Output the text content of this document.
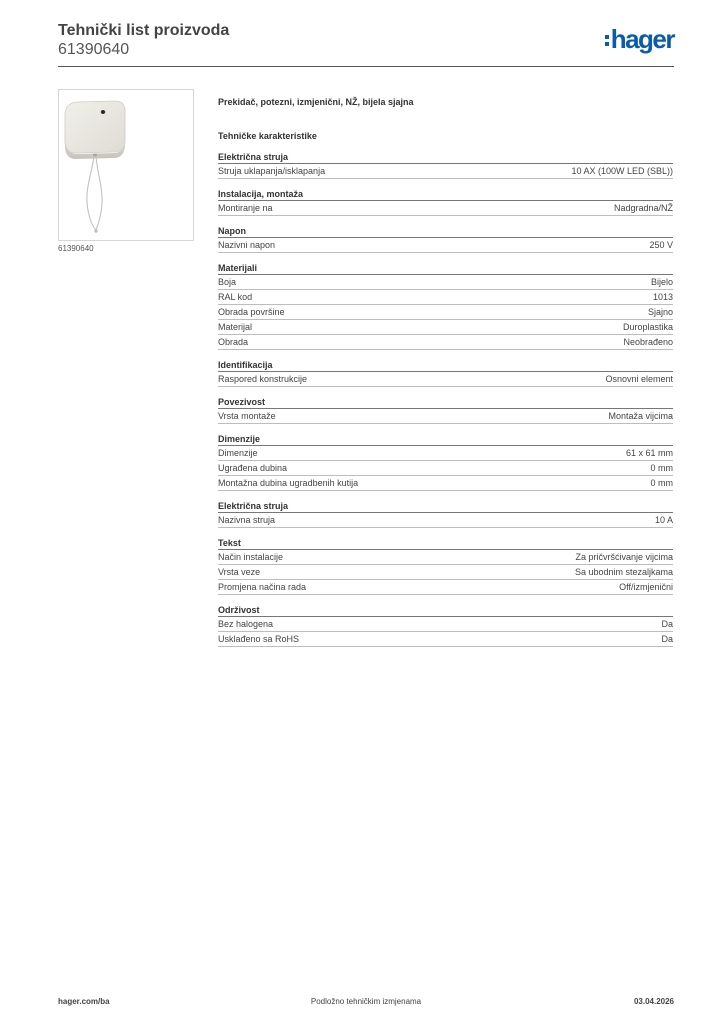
Tehnički list proizvoda
61390640	hager
61390640
Prekidač, potezni, izmjenični, NŽ, bijela sjajna
Tehničke karakteristike
Električna struja
Struja uklapanja/isklapanja	10 AX (100W LED (SBL))
Instalacija, montaža
Montiranje na	Nadgradna/NŽ
Napon
Nazivni napon	250 V
Materijali
Boja	Bijelo
RAL kod	1013
Obrada površine	Sjajno
Materijal	Duroplastika
Obrada	Neobrađeno
Identifikacija
Raspored konstrukcije	Osnovni element
Povezivost
Vrsta montaže	Montaža vijcima
Dimenzije
Dimenzije	61 x 61 mm
Ugrađena dubina	0 mm
Montažna dubina ugradbenih kutija	0 mm
Električna struja
Nazivna struja	10 A
Tekst
Način instalacije	Za pričvršćivanje vijcima
Vrsta veze	Sa ubodnim stezaljkama
Promjena načina rada	Off/izmjenični
Održivost
Bez halogena	Da
Usklađeno sa RoHS	Da
hager.com/ba	Podložno tehničkim izmjenama	03.04.2026
